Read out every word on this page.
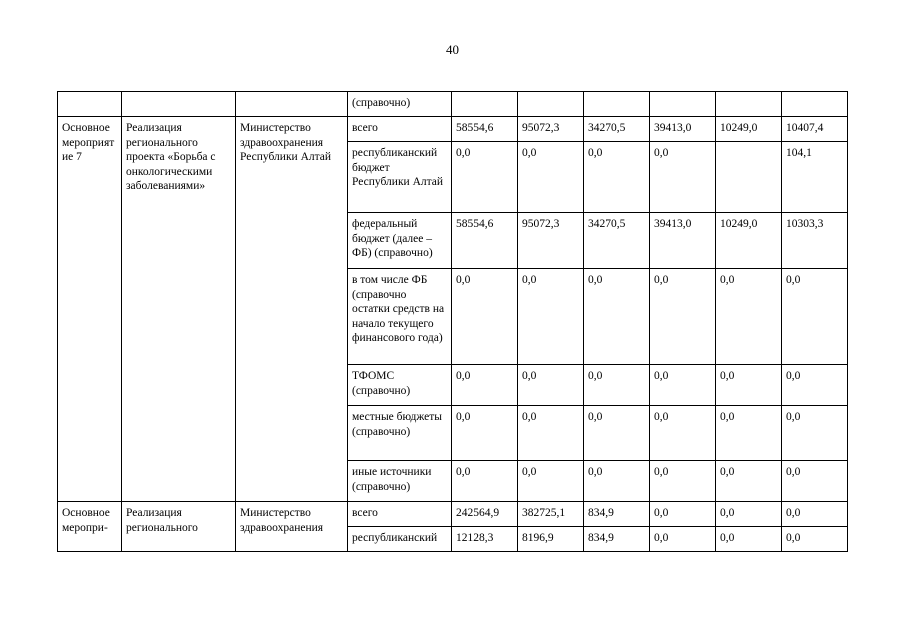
40
			(справочно)						
Основное мероприятие 7	Реализация регионального проекта «Борьба с онкологическими заболеваниями»	Министерство здравоохранения Республики Алтай	всего	58554,6	95072,3	34270,5	39413,0	10249,0	10407,4
			республиканский бюджет Республики Алтай	0,0	0,0	0,0	0,0		104,1
			федеральный бюджет (далее – ФБ) (справочно)	58554,6	95072,3	34270,5	39413,0	10249,0	10303,3
			в том числе ФБ (справочно остатки средств на начало текущего финансового года)	0,0	0,0	0,0	0,0	0,0	0,0
			ТФОМС (справочно)	0,0	0,0	0,0	0,0	0,0	0,0
			местные бюджеты (справочно)	0,0	0,0	0,0	0,0	0,0	0,0
			иные источники (справочно)	0,0	0,0	0,0	0,0	0,0	0,0
Основное меропри-	Реализация регионального	Министерство здравоохранения	всего	242564,9	382725,1	834,9	0,0	0,0	0,0
			республиканский	12128,3	8196,9	834,9	0,0	0,0	0,0
